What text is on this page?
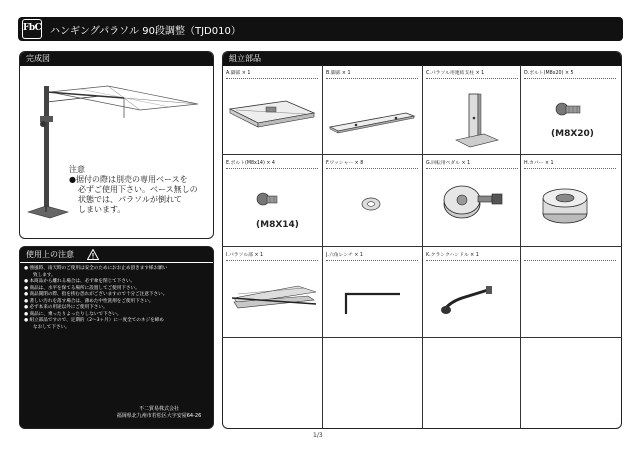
FbC ハンギングパラソル 90段調整（TJD010）
完成図
注意
●据付の際は別売の専用ベースを
必ずご使用下さい。ベース無しの
状態では、パラソルが倒れて
しまいます。
使用上の注意
● 強風時、雨天時のご使用は安全のためにおお止め頂きます様お願い
致します。
● 本商品から離れる場合は、必ず傘を閉じて下さい。
● 商品は、水平を保てる場所に設置してご使用下さい。
● 商品開閉の際、指を挟む恐れがございますので十分ご注意下さい。
● 著しい汚れを落す場合は、薄めた中性洗剤をご使用下さい。
● 必ず本来の用途以外にご使用下さい。
● 商品に、乗ったりよったりしないで下さい。
● 組立部品ですので、定期的（2～3ヶ月）に一度全てのネジを締め
なおして下さい。
不二貿易株式会社
福岡県北九州市若松区大字安屋64-26
組立部品
A.脚部 × 1	B.脚部 × 1	C.パラソル用連結支柱 × 1	D.ボルト(M8x20) × 5
E.ボルト(M8x14) × 4	F.ワッシャー × 8	G.回転用ペダル × 1	H.カバー × 1
I.パラソル部 × 1	J.六角レンチ × 1	K.クランクハンドル × 1
(M8X20)
(M8X14)
1/3
